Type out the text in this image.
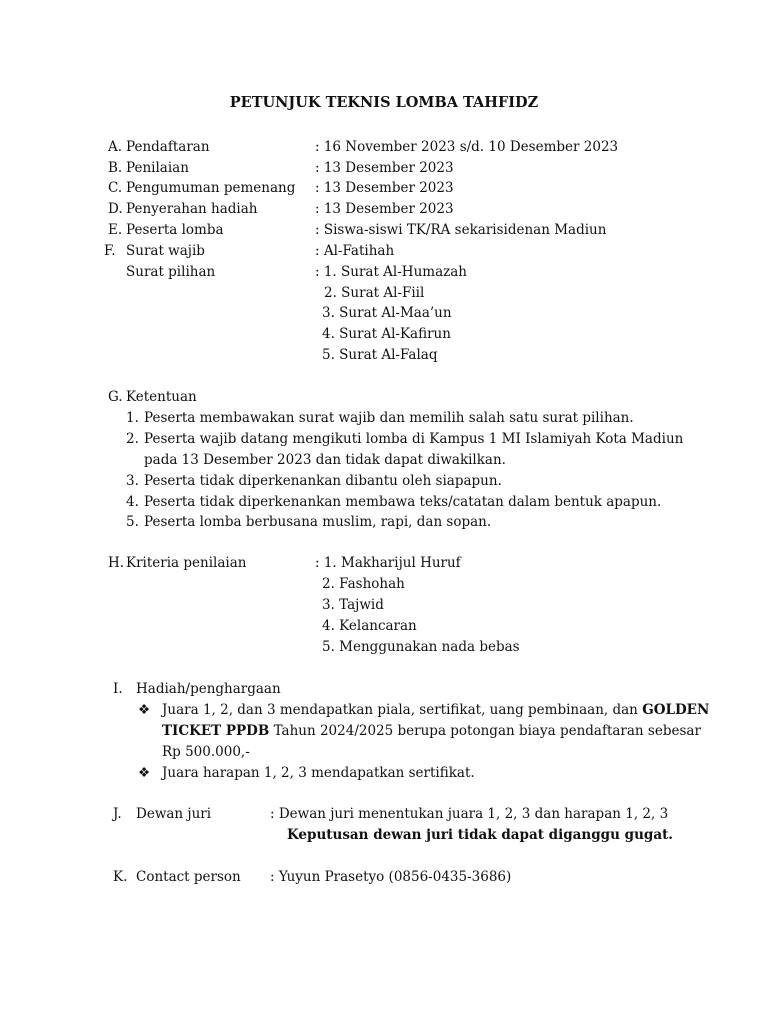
PETUNJUK TEKNIS LOMBA TAHFIDZ
A. Pendaftaran	: 16 November 2023 s/d. 10 Desember 2023
B. Penilaian	: 13 Desember 2023
C. Pengumuman pemenang : 13 Desember 2023
D. Penyerahan hadiah	: 13 Desember 2023
E. Peserta lomba	: Siswa-siswi TK/RA sekarisidenan Madiun
F. Surat wajib	: Al-Fatihah
Surat pilihan	: 1. Surat Al-Humazah
2. Surat Al-Fiil
3. Surat Al-Maa’un
4. Surat Al-Kafirun
5. Surat Al-Falaq
G. Ketentuan
1. Peserta membawakan surat wajib dan memilih salah satu surat pilihan.
2. Peserta wajib datang mengikuti lomba di Kampus 1 MI Islamiyah Kota Madiun
pada 13 Desember 2023 dan tidak dapat diwakilkan.
3. Peserta tidak diperkenankan dibantu oleh siapapun.
4. Peserta tidak diperkenankan membawa teks/catatan dalam bentuk apapun.
5. Peserta lomba berbusana muslim, rapi, dan sopan.
H. Kriteria penilaian	: 1. Makharijul Huruf
2. Fashohah
3. Tajwid
4. Kelancaran
5. Menggunakan nada bebas
I. Hadiah/penghargaan
❖ Juara 1, 2, dan 3 mendapatkan piala, sertifikat, uang pembinaan, dan GOLDEN
TICKET PPDB Tahun 2024/2025 berupa potongan biaya pendaftaran sebesar
Rp 500.000,-
❖ Juara harapan 1, 2, 3 mendapatkan sertifikat.
J. Dewan juri	: Dewan juri menentukan juara 1, 2, 3 dan harapan 1, 2, 3
Keputusan dewan juri tidak dapat diganggu gugat.
K. Contact person : Yuyun Prasetyo (0856-0435-3686)
